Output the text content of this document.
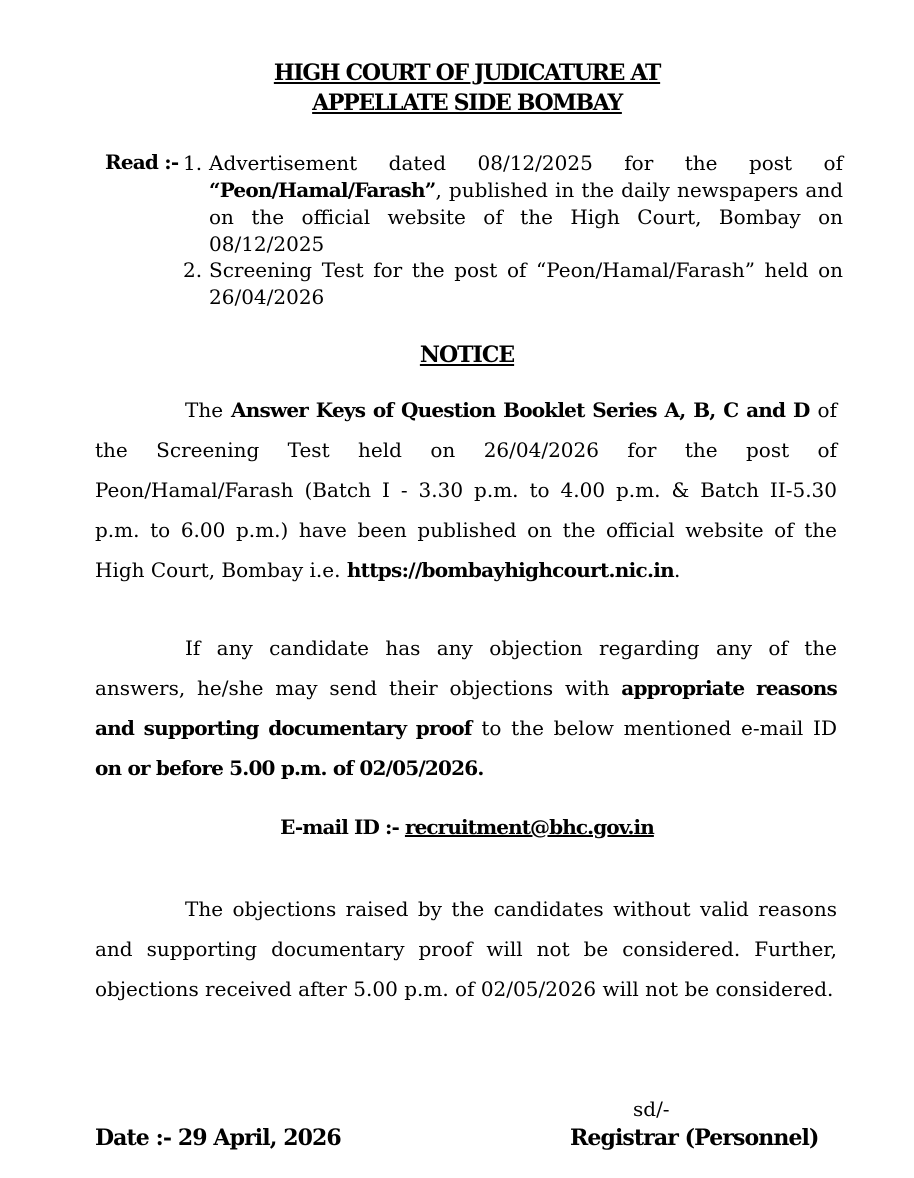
HIGH COURT OF JUDICATURE AT
APPELLATE SIDE BOMBAY
Read :- 1. Advertisement dated 08/12/2025 for the post of “Peon/Hamal/Farash”, published in the daily newspapers and on the official website of the High Court, Bombay on 08/12/2025
2. Screening Test for the post of “Peon/Hamal/Farash” held on 26/04/2026
NOTICE
The Answer Keys of Question Booklet Series A, B, C and D of the Screening Test held on 26/04/2026 for the post of Peon/Hamal/Farash (Batch I - 3.30 p.m. to 4.00 p.m. & Batch II-5.30 p.m. to 6.00 p.m.) have been published on the official website of the High Court, Bombay i.e. https://bombayhighcourt.nic.in.
If any candidate has any objection regarding any of the answers, he/she may send their objections with appropriate reasons and supporting documentary proof to the below mentioned e-mail ID on or before 5.00 p.m. of 02/05/2026.
E-mail ID :- recruitment@bhc.gov.in
The objections raised by the candidates without valid reasons and supporting documentary proof will not be considered. Further, objections received after 5.00 p.m. of 02/05/2026 will not be considered.
sd/-
Date :- 29 April, 2026	Registrar (Personnel)
